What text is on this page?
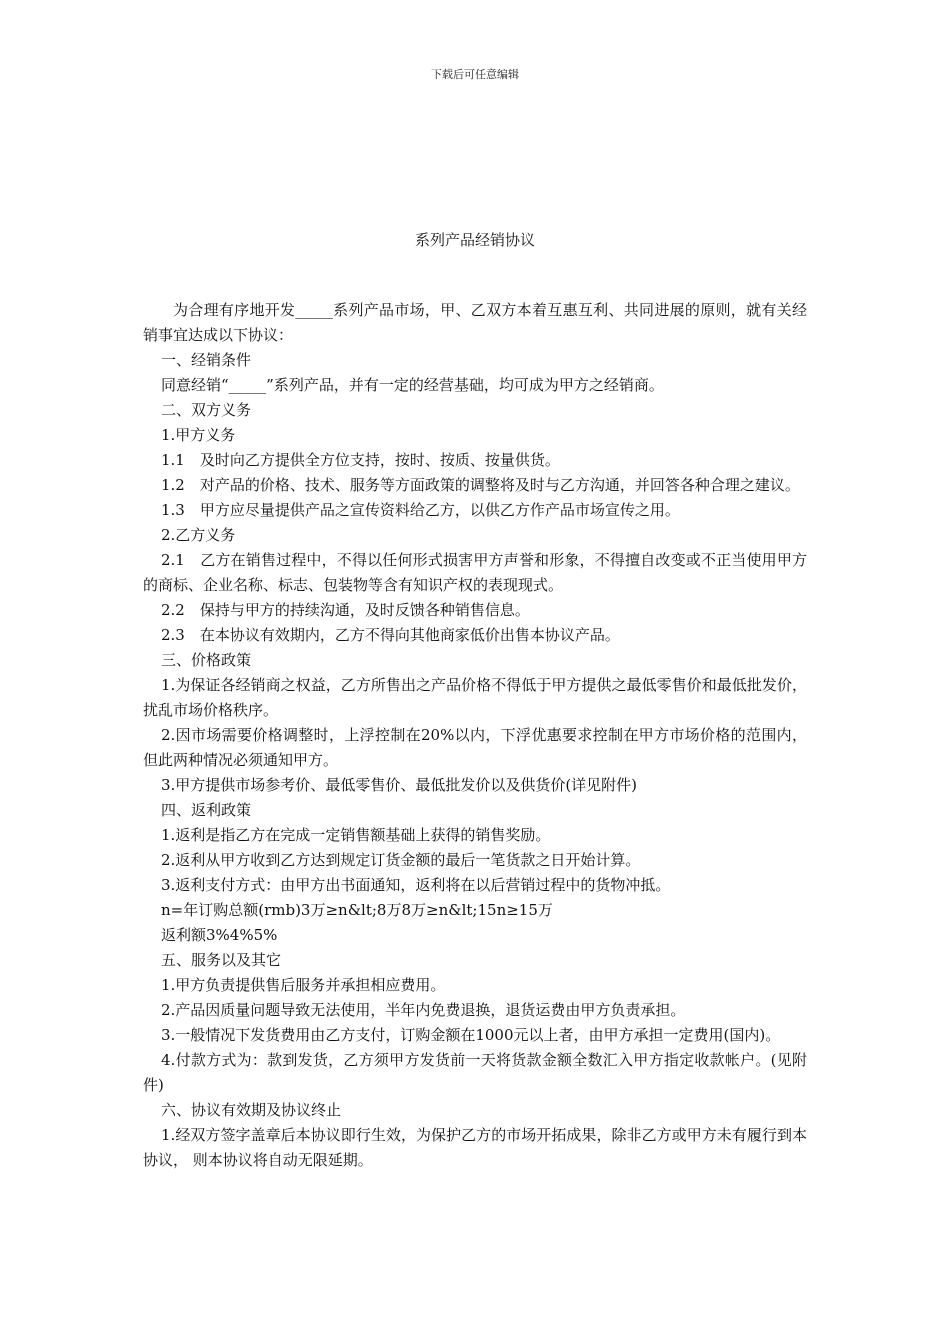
下载后可任意编辑
系列产品经销协议

为合理有序地开发_____系列产品市场，甲、乙双方本着互惠互利、共同进展的原则，就有关经销事宜达成以下协议：

一、经销条件

同意经销“_____”系列产品，并有一定的经营基础，均可成为甲方之经销商。

二、双方义务

1.甲方义务

1.1　及时向乙方提供全方位支持，按时、按质、按量供货。

1.2　对产品的价格、技术、服务等方面政策的调整将及时与乙方沟通，并回答各种合理之建议。

1.3　甲方应尽量提供产品之宣传资料给乙方，以供乙方作产品市场宣传之用。

2.乙方义务

2.1　乙方在销售过程中，不得以任何形式损害甲方声誉和形象，不得擅自改变或不正当使用甲方的商标、企业名称、标志、包装物等含有知识产权的表现现式。

2.2　保持与甲方的持续沟通，及时反馈各种销售信息。

2.3　在本协议有效期内，乙方不得向其他商家低价出售本协议产品。

三、价格政策

1.为保证各经销商之权益，乙方所售出之产品价格不得低于甲方提供之最低零售价和最低批发价，扰乱市场价格秩序。

2.因市场需要价格调整时，上浮控制在20%以内，下浮优惠要求控制在甲方市场价格的范围内，但此两种情况必须通知甲方。

3.甲方提供市场参考价、最低零售价、最低批发价以及供货价(详见附件)

四、返利政策

1.返利是指乙方在完成一定销售额基础上获得的销售奖励。

2.返利从甲方收到乙方达到规定订货金额的最后一笔货款之日开始计算。

3.返利支付方式：由甲方出书面通知，返利将在以后营销过程中的货物冲抵。

n=年订购总额(rmb)3万≥n&lt;8万8万≥n&lt;15n≥15万

返利额3%4%5%

五、服务以及其它

1.甲方负责提供售后服务并承担相应费用。

2.产品因质量问题导致无法使用，半年内免费退换，退货运费由甲方负责承担。

3.一般情况下发货费用由乙方支付，订购金额在1000元以上者，由甲方承担一定费用(国内)。

4.付款方式为：款到发货，乙方须甲方发货前一天将货款金额全数汇入甲方指定收款帐户。(见附件)

六、协议有效期及协议终止

1.经双方签字盖章后本协议即行生效，为保护乙方的市场开拓成果，除非乙方或甲方未有履行到本协议， 则本协议将自动无限延期。
